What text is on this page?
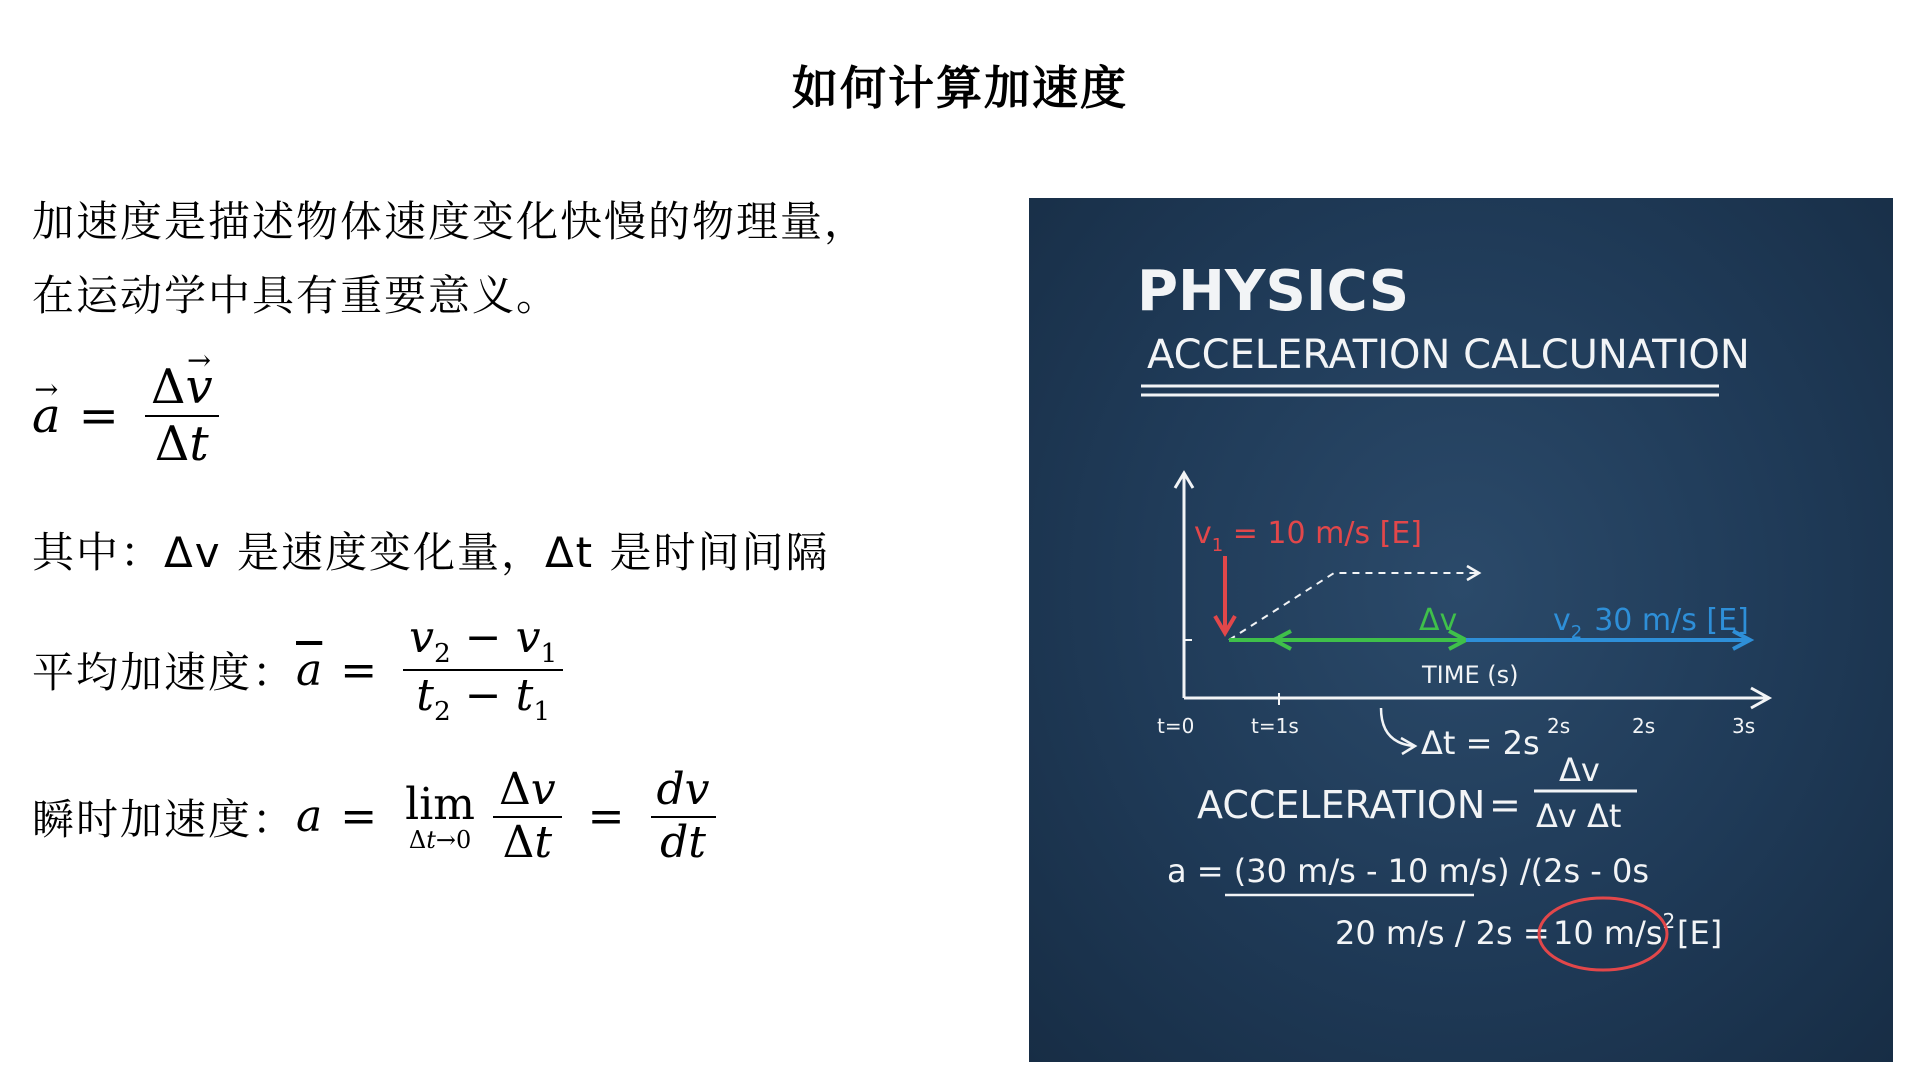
如何计算加速度

加速度是描述物体速度变化快慢的物理量，
在运动学中具有重要意义。

→ $a = \frac{\Delta\to v}{\Delta t}$
其中：Δv 是速度变化量，Δt 是时间间隔
平均加速度： $\overline{a} = \frac{v_2 - v_1}{t_2 - t_1}$
瞬时加速度： a = lim
$\Delta t\to 0 \frac{\Delta v}{\Delta t} = \frac{dv}{dt}$
PHYSICS
ACCELERATION CALCUNATION
$v_1 = 10$ m/s [E]
Δv	$v_2$ 30 m/s [E]
TIME (s)
t=0	t=1s	2s	2s	3s
Δt = 2s
ACCELERATION =
Δv
Δv Δt
a = (30 m/s - 10 m/s) /(2s - 0s
20 m/s / 2s = 10 $m/s^2$ [E]
